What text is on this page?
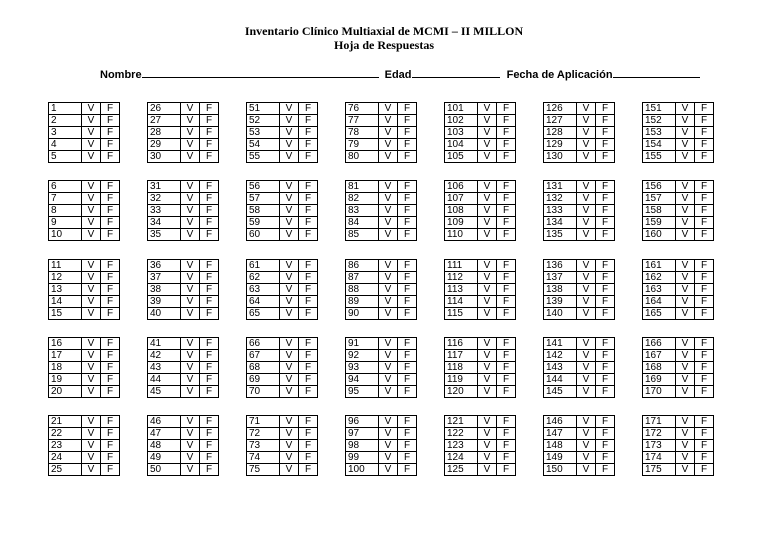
Inventario Clínico Multiaxial de MCMI – II MILLON
Hoja de Respuestas
Nombre	Edad	Fecha de Aplicación
1	V	F
2	V	F
3	V	F
4	V	F
5	V	F
6	V	F
7	V	F
8	V	F
9	V	F
10	V	F
11	V	F
12	V	F
13	V	F
14	V	F
15	V	F
16	V	F
17	V	F
18	V	F
19	V	F
20	V	F
21	V	F
22	V	F
23	V	F
24	V	F
25	V	F
26	V	F
27	V	F
28	V	F
29	V	F
30	V	F
31	V	F
32	V	F
33	V	F
34	V	F
35	V	F
36	V	F
37	V	F
38	V	F
39	V	F
40	V	F
41	V	F
42	V	F
43	V	F
44	V	F
45	V	F
46	V	F
47	V	F
48	V	F
49	V	F
50	V	F
51	V	F
52	V	F
53	V	F
54	V	F
55	V	F
56	V	F
57	V	F
58	V	F
59	V	F
60	V	F
61	V	F
62	V	F
63	V	F
64	V	F
65	V	F
66	V	F
67	V	F
68	V	F
69	V	F
70	V	F
71	V	F
72	V	F
73	V	F
74	V	F
75	V	F
76	V	F
77	V	F
78	V	F
79	V	F
80	V	F
81	V	F
82	V	F
83	V	F
84	V	F
85	V	F
86	V	F
87	V	F
88	V	F
89	V	F
90	V	F
91	V	F
92	V	F
93	V	F
94	V	F
95	V	F
96	V	F
97	V	F
98	V	F
99	V	F
100	V	F
101	V	F
102	V	F
103	V	F
104	V	F
105	V	F
106	V	F
107	V	F
108	V	F
109	V	F
110	V	F
111	V	F
112	V	F
113	V	F
114	V	F
115	V	F
116	V	F
117	V	F
118	V	F
119	V	F
120	V	F
121	V	F
122	V	F
123	V	F
124	V	F
125	V	F
126	V	F
127	V	F
128	V	F
129	V	F
130	V	F
131	V	F
132	V	F
133	V	F
134	V	F
135	V	F
136	V	F
137	V	F
138	V	F
139	V	F
140	V	F
141	V	F
142	V	F
143	V	F
144	V	F
145	V	F
146	V	F
147	V	F
148	V	F
149	V	F
150	V	F
151	V	F
152	V	F
153	V	F
154	V	F
155	V	F
156	V	F
157	V	F
158	V	F
159	V	F
160	V	F
161	V	F
162	V	F
163	V	F
164	V	F
165	V	F
166	V	F
167	V	F
168	V	F
169	V	F
170	V	F
171	V	F
172	V	F
173	V	F
174	V	F
175	V	F
